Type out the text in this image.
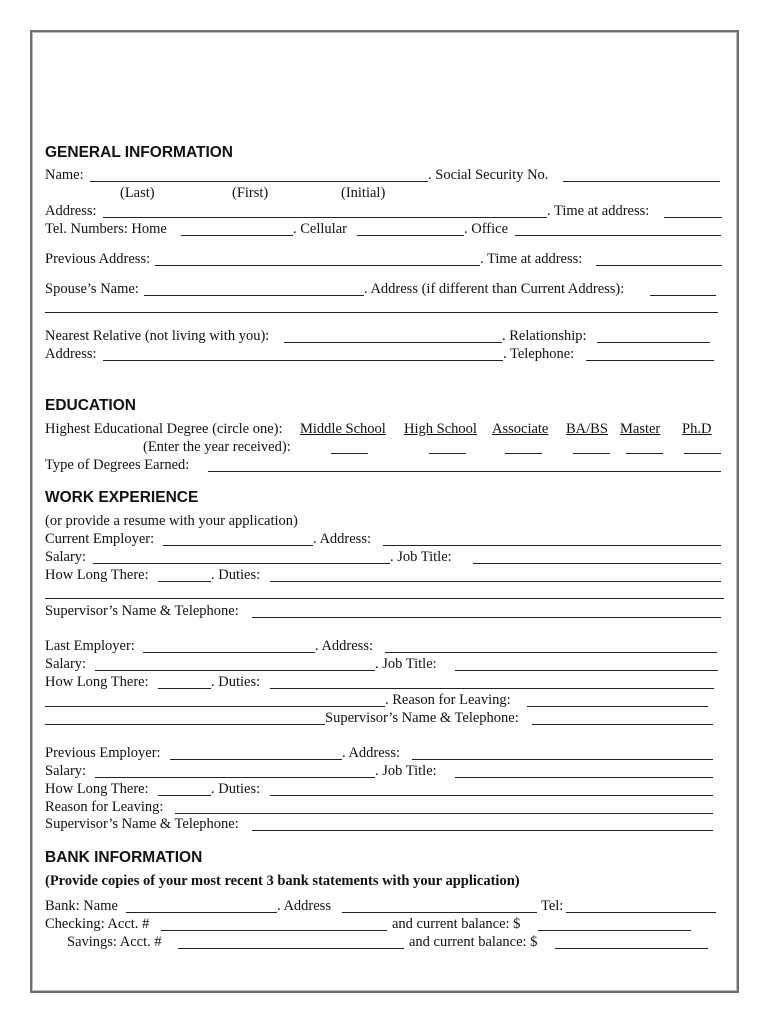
GENERAL INFORMATION
Name:	. Social Security No.
(Last)	(First)	(Initial)
Address:	. Time at address:
Tel. Numbers: Home	. Cellular	. Office
Previous Address:	. Time at address:
Spouse’s Name:	. Address (if different than Current Address):
Nearest Relative (not living with you):	. Relationship:
Address:	. Telephone:
EDUCATION
Highest Educational Degree (circle one): Middle School High School Associate BA/BS Master Ph.D
(Enter the year received):
Type of Degrees Earned:
WORK EXPERIENCE
(or provide a resume with your application)
Current Employer:	. Address:
Salary:	. Job Title:
How Long There:	. Duties:
Supervisor’s Name & Telephone:
Last Employer:	. Address:
Salary:	. Job Title:
How Long There:	. Duties:
. Reason for Leaving:
Supervisor’s Name & Telephone:
Previous Employer:	. Address:
Salary:	. Job Title:
How Long There:	. Duties:
Reason for Leaving:
Supervisor’s Name & Telephone:
BANK INFORMATION
(Provide copies of your most recent 3 bank statements with your application)
Bank: Name	. Address	Tel:
Checking: Acct. #	and current balance: $
Savings: Acct. #	and current balance: $
